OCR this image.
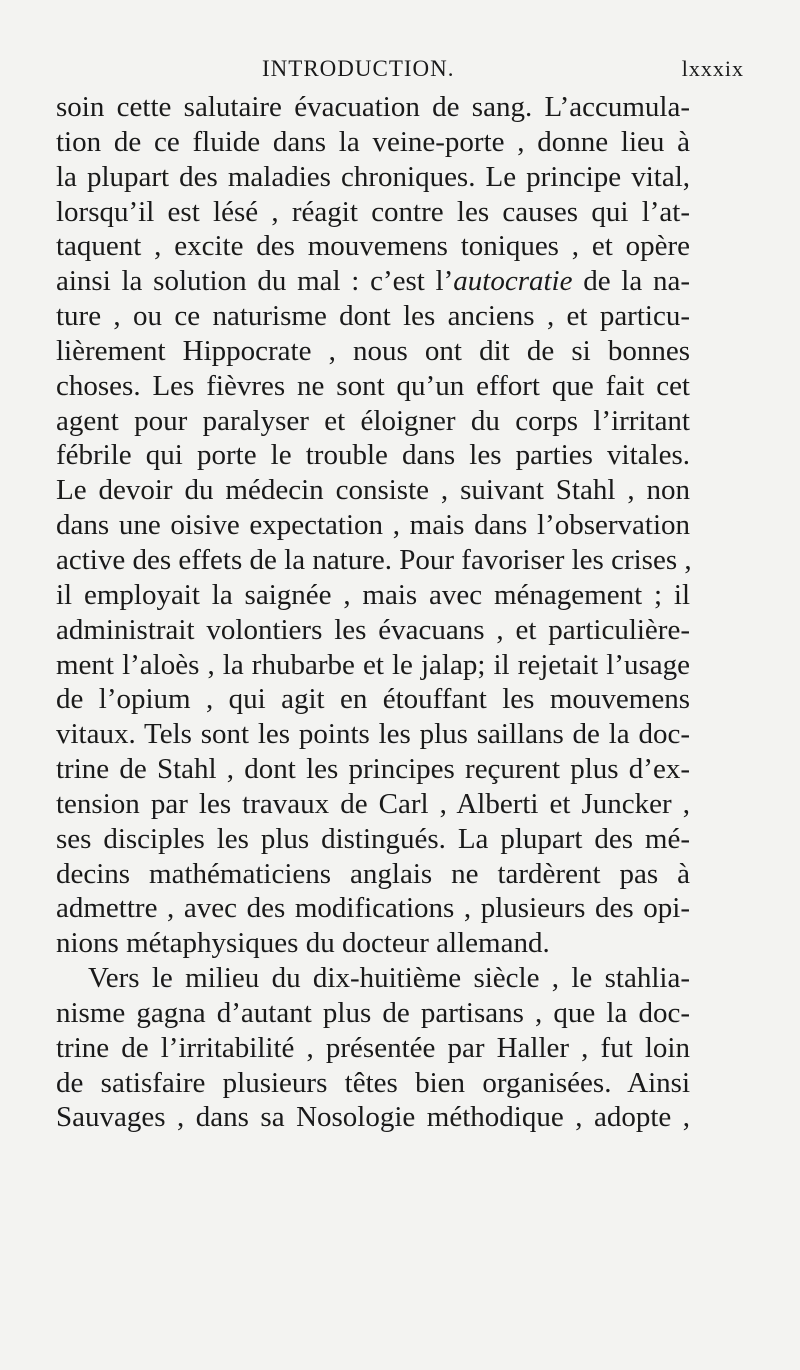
INTRODUCTION.	lxxxix
soin cette salutaire évacuation de sang. L’accumula-
tion de ce fluide dans la veine-porte , donne lieu à
la plupart des maladies chroniques. Le principe vital,
lorsqu’il est lésé , réagit contre les causes qui l’at-
taquent , excite des mouvemens toniques , et opère
ainsi la solution du mal : c’est l’autocratie de la na-
ture , ou ce naturisme dont les anciens , et particu-
lièrement Hippocrate , nous ont dit de si bonnes
choses. Les fièvres ne sont qu’un effort que fait cet
agent pour paralyser et éloigner du corps l’irritant
fébrile qui porte le trouble dans les parties vitales.
Le devoir du médecin consiste , suivant Stahl , non
dans une oisive expectation , mais dans l’observation
active des effets de la nature. Pour favoriser les crises ,
il employait la saignée , mais avec ménagement ; il
administrait volontiers les évacuans , et particulière-
ment l’aloès , la rhubarbe et le jalap; il rejetait l’usage
de l’opium , qui agit en étouffant les mouvemens
vitaux. Tels sont les points les plus saillans de la doc-
trine de Stahl , dont les principes reçurent plus d’ex-
tension par les travaux de Carl , Alberti et Juncker ,
ses disciples les plus distingués. La plupart des mé-
decins mathématiciens anglais ne tardèrent pas à
admettre , avec des modifications , plusieurs des opi-
nions métaphysiques du docteur allemand.
Vers le milieu du dix-huitième siècle , le stahlia-
nisme gagna d’autant plus de partisans , que la doc-
trine de l’irritabilité , présentée par Haller , fut loin
de satisfaire plusieurs têtes bien organisées. Ainsi
Sauvages , dans sa Nosologie méthodique , adopte ,
